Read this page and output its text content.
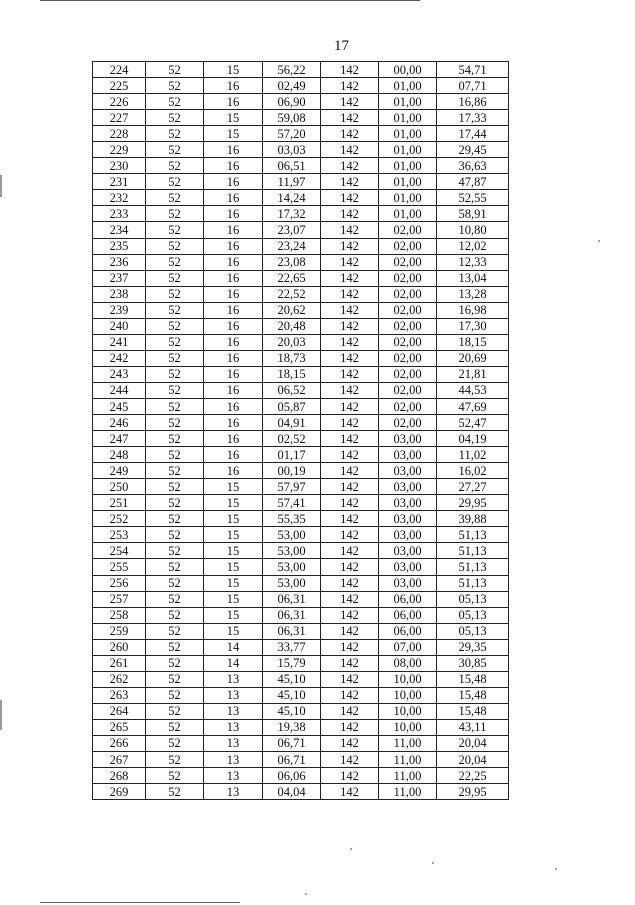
17
224	52	15	56,22	142	00,00	54,71
225	52	16	02,49	142	01,00	07,71
226	52	16	06,90	142	01,00	16,86
227	52	15	59,08	142	01,00	17,33
228	52	15	57,20	142	01,00	17,44
229	52	16	03,03	142	01,00	29,45
230	52	16	06,51	142	01,00	36,63
231	52	16	11,97	142	01,00	47,87
232	52	16	14,24	142	01,00	52,55
233	52	16	17,32	142	01,00	58,91
234	52	16	23,07	142	02,00	10,80
235	52	16	23,24	142	02,00	12,02
236	52	16	23,08	142	02,00	12,33
237	52	16	22,65	142	02,00	13,04
238	52	16	22,52	142	02,00	13,28
239	52	16	20,62	142	02,00	16,98
240	52	16	20,48	142	02,00	17,30
241	52	16	20,03	142	02,00	18,15
242	52	16	18,73	142	02,00	20,69
243	52	16	18,15	142	02,00	21,81
244	52	16	06,52	142	02,00	44,53
245	52	16	05,87	142	02,00	47,69
246	52	16	04,91	142	02,00	52,47
247	52	16	02,52	142	03,00	04,19
248	52	16	01,17	142	03,00	11,02
249	52	16	00,19	142	03,00	16,02
250	52	15	57,97	142	03,00	27,27
251	52	15	57,41	142	03,00	29,95
252	52	15	55,35	142	03,00	39,88
253	52	15	53,00	142	03,00	51,13
254	52	15	53,00	142	03,00	51,13
255	52	15	53,00	142	03,00	51,13
256	52	15	53,00	142	03,00	51,13
257	52	15	06,31	142	06,00	05,13
258	52	15	06,31	142	06,00	05,13
259	52	15	06,31	142	06,00	05,13
260	52	14	33,77	142	07,00	29,35
261	52	14	15,79	142	08,00	30,85
262	52	13	45,10	142	10,00	15,48
263	52	13	45,10	142	10,00	15,48
264	52	13	45,10	142	10,00	15,48
265	52	13	19,38	142	10,00	43,11
266	52	13	06,71	142	11,00	20,04
267	52	13	06,71	142	11,00	20,04
268	52	13	06,06	142	11,00	22,25
269	52	13	04,04	142	11,00	29,95
